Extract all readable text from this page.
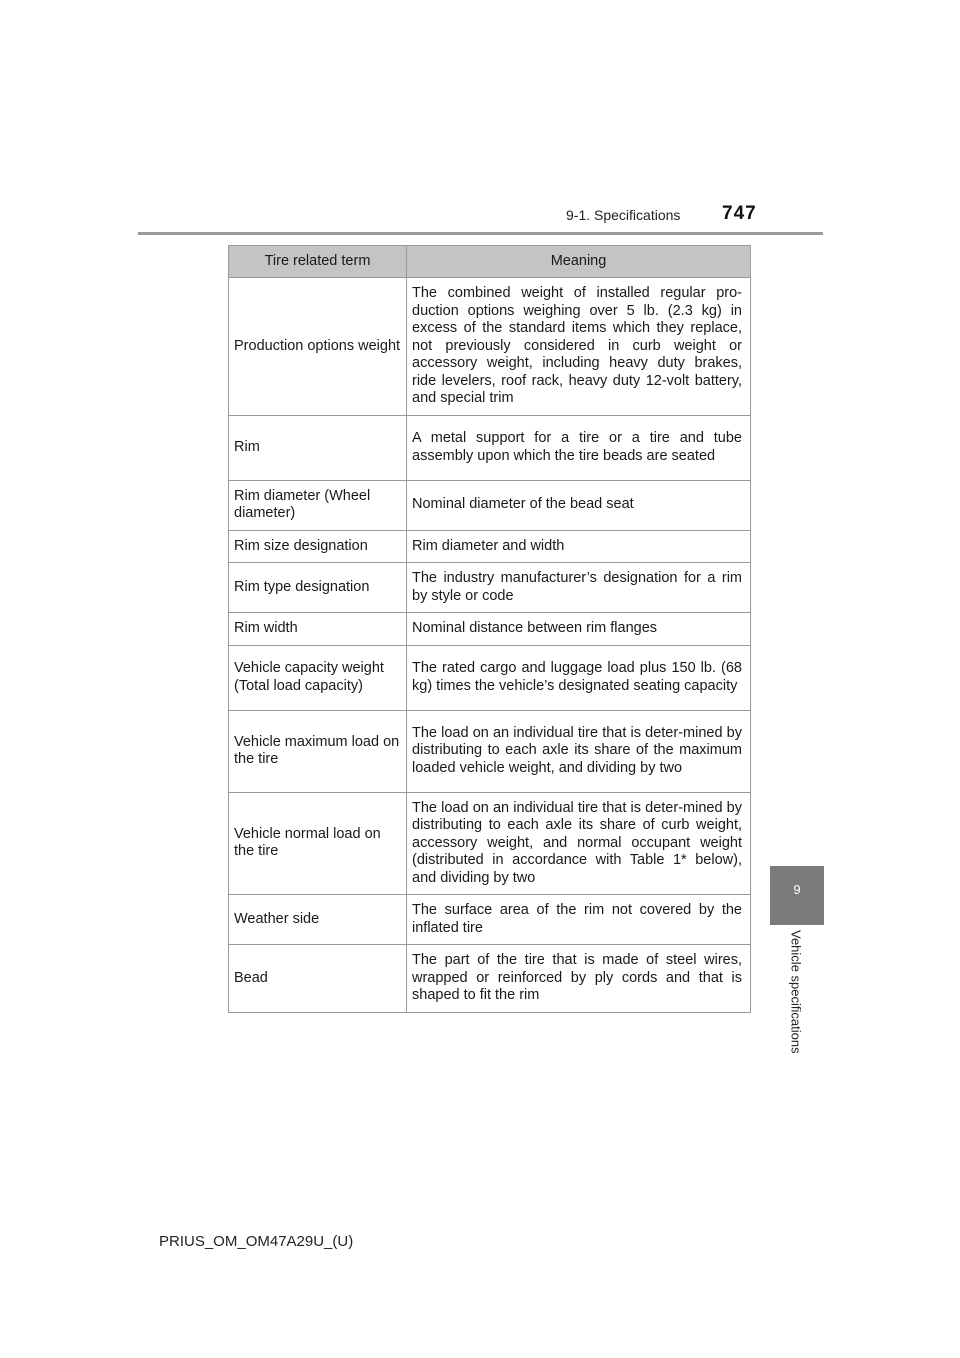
9-1. Specifications 747
9
Vehicle specifications
Tire related term	Meaning
Production options weight	The combined weight of installed regular pro-duction options weighing over 5 lb. (2.3 kg) in excess of the standard items which they replace, not previously considered in curb weight or accessory weight, including heavy duty brakes, ride levelers, roof rack, heavy duty 12-volt battery, and special trim
Rim	A metal support for a tire or a tire and tube assembly upon which the tire beads are seated
Rim diameter (Wheel diameter)	Nominal diameter of the bead seat
Rim size designation	Rim diameter and width
Rim type designation	The industry manufacturer’s designation for a rim by style or code
Rim width	Nominal distance between rim flanges
Vehicle capacity weight (Total load capacity)	The rated cargo and luggage load plus 150 lb. (68 kg) times the vehicle’s designated seating capacity
Vehicle maximum load on the tire	The load on an individual tire that is deter-mined by distributing to each axle its share of the maximum loaded vehicle weight, and dividing by two
Vehicle normal load on the tire	The load on an individual tire that is deter-mined by distributing to each axle its share of curb weight, accessory weight, and normal occupant weight (distributed in accordance with Table 1* below), and dividing by two
Weather side	The surface area of the rim not covered by the inflated tire
Bead	The part of the tire that is made of steel wires, wrapped or reinforced by ply cords and that is shaped to fit the rim
PRIUS_OM_OM47A29U_(U)
